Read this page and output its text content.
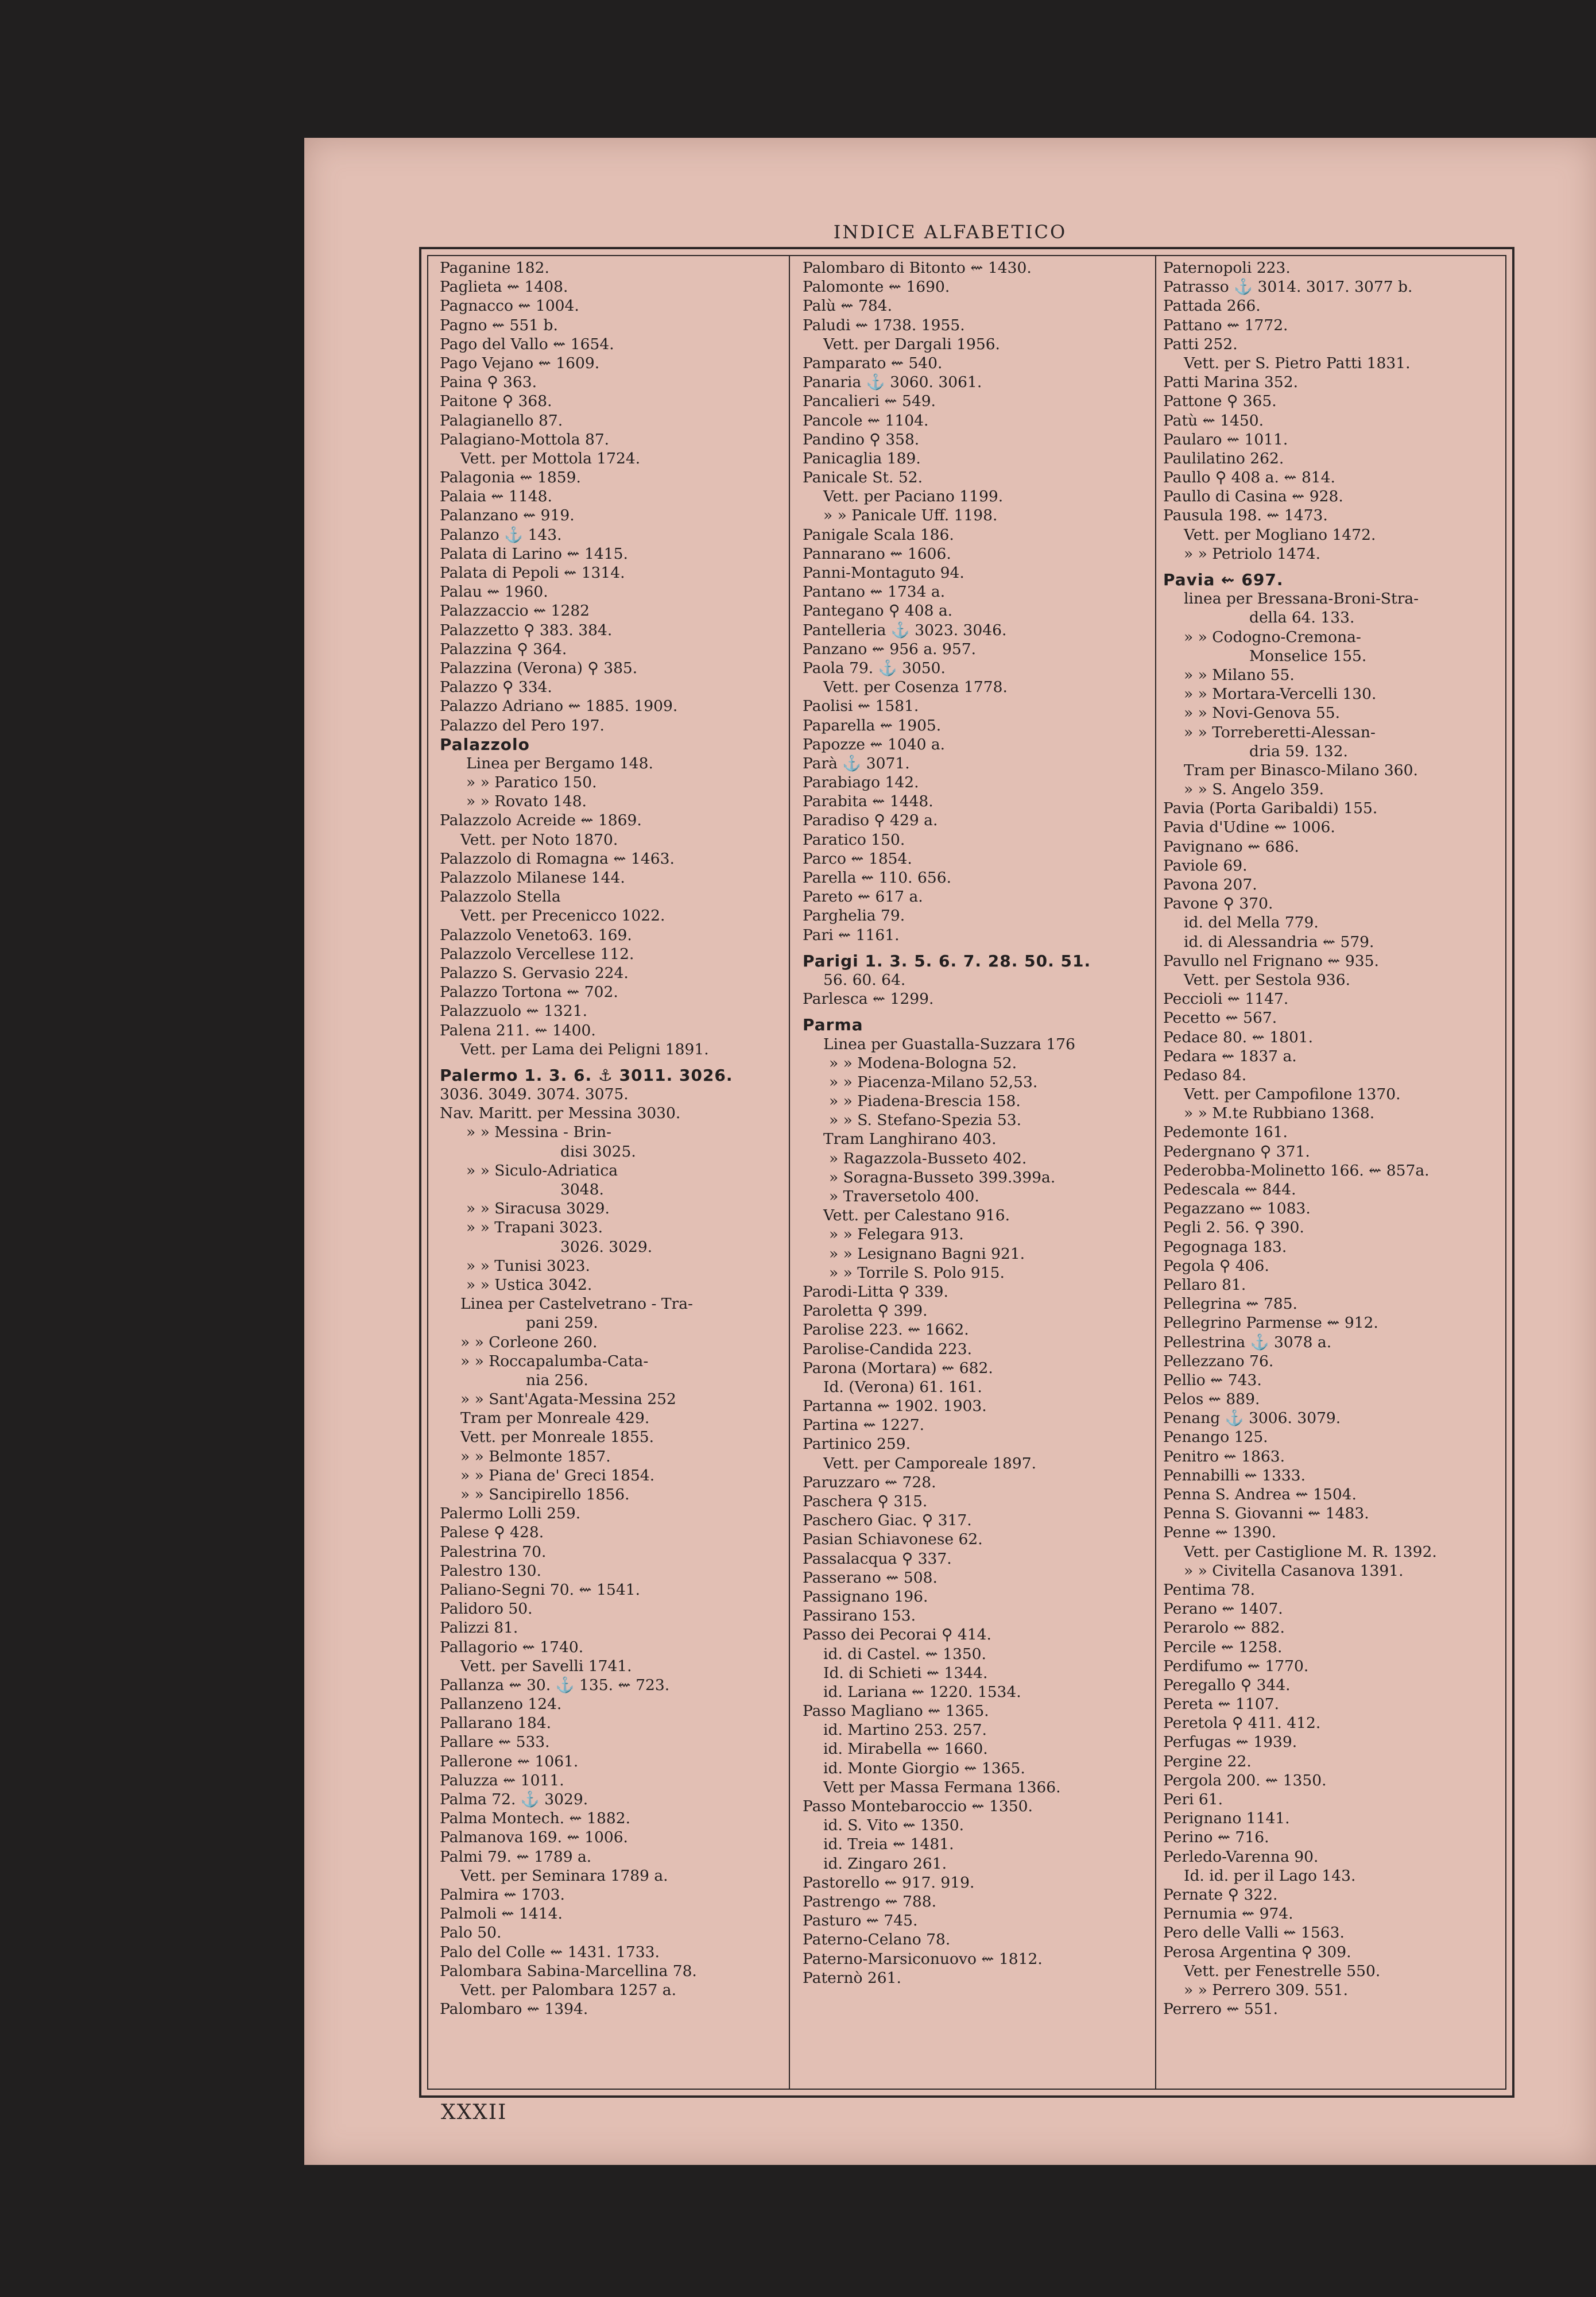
INDICE ALFABETICO
Paganine 182.
Paglieta ⇜ 1408.
Pagnacco ⇜ 1004.
Pagno ⇜ 551 b.
Pago del Vallo ⇜ 1654.
Pago Vejano ⇜ 1609.
Paina ⚲ 363.
Paitone ⚲ 368.
Palagianello 87.
Palagiano-Mottola 87.
Vett. per Mottola 1724.
Palagonia ⇜ 1859.
Palaia ⇜ 1148.
Palanzano ⇜ 919.
Palanzo ⚓ 143.
Palata di Larino ⇜ 1415.
Palata di Pepoli ⇜ 1314.
Palau ⇜ 1960.
Palazzaccio ⇜ 1282
Palazzetto ⚲ 383. 384.
Palazzina ⚲ 364.
Palazzina (Verona) ⚲ 385.
Palazzo ⚲ 334.
Palazzo Adriano ⇜ 1885. 1909.
Palazzo del Pero 197.
Palazzolo
Linea per Bergamo 148.
» » Paratico 150.
» » Rovato 148.
Palazzolo Acreide ⇜ 1869.
Vett. per Noto 1870.
Palazzolo di Romagna ⇜ 1463.
Palazzolo Milanese 144.
Palazzolo Stella
Vett. per Precenicco 1022.
Palazzolo Veneto63. 169.
Palazzolo Vercellese 112.
Palazzo S. Gervasio 224.
Palazzo Tortona ⇜ 702.
Palazzuolo ⇜ 1321.
Palena 211. ⇜ 1400.
Vett. per Lama dei Peligni 1891.
Palermo 1. 3. 6. ⚓ 3011. 3026.
3036. 3049. 3074. 3075.
Nav. Maritt. per Messina 3030.
» » Messina - Brin-
disi 3025.
» » Siculo-Adriatica
3048.
» » Siracusa 3029.
» » Trapani 3023.
3026. 3029.
» » Tunisi 3023.
» » Ustica 3042.
Linea per Castelvetrano - Tra-
pani 259.
» » Corleone 260.
» » Roccapalumba-Cata-
nia 256.
» » Sant'Agata-Messina 252
Tram per Monreale 429.
Vett. per Monreale 1855.
» » Belmonte 1857.
» » Piana de' Greci 1854.
» » Sancipirello 1856.
Palermo Lolli 259.
Palese ⚲ 428.
Palestrina 70.
Palestro 130.
Paliano-Segni 70. ⇜ 1541.
Palidoro 50.
Palizzi 81.
Pallagorio ⇜ 1740.
Vett. per Savelli 1741.
Pallanza ⇜ 30. ⚓ 135. ⇜ 723.
Pallanzeno 124.
Pallarano 184.
Pallare ⇜ 533.
Pallerone ⇜ 1061.
Paluzza ⇜ 1011.
Palma 72. ⚓ 3029.
Palma Montech. ⇜ 1882.
Palmanova 169. ⇜ 1006.
Palmi 79. ⇜ 1789 a.
Vett. per Seminara 1789 a.
Palmira ⇜ 1703.
Palmoli ⇜ 1414.
Palo 50.
Palo del Colle ⇜ 1431. 1733.
Palombara Sabina-Marcellina 78.
Vett. per Palombara 1257 a.
Palombaro ⇜ 1394.
Palombaro di Bitonto ⇜ 1430.
Palomonte ⇜ 1690.
Palù ⇜ 784.
Paludi ⇜ 1738. 1955.
Vett. per Dargali 1956.
Pamparato ⇜ 540.
Panaria ⚓ 3060. 3061.
Pancalieri ⇜ 549.
Pancole ⇜ 1104.
Pandino ⚲ 358.
Panicaglia 189.
Panicale St. 52.
Vett. per Paciano 1199.
» » Panicale Uff. 1198.
Panigale Scala 186.
Pannarano ⇜ 1606.
Panni-Montaguto 94.
Pantano ⇜ 1734 a.
Pantegano ⚲ 408 a.
Pantelleria ⚓ 3023. 3046.
Panzano ⇜ 956 a. 957.
Paola 79. ⚓ 3050.
Vett. per Cosenza 1778.
Paolisi ⇜ 1581.
Paparella ⇜ 1905.
Papozze ⇜ 1040 a.
Parà ⚓ 3071.
Parabiago 142.
Parabita ⇜ 1448.
Paradiso ⚲ 429 a.
Paratico 150.
Parco ⇜ 1854.
Parella ⇜ 110. 656.
Pareto ⇜ 617 a.
Parghelia 79.
Pari ⇜ 1161.
Parigi 1. 3. 5. 6. 7. 28. 50. 51.
56. 60. 64.
Parlesca ⇜ 1299.
Parma
Linea per Guastalla-Suzzara 176
» » Modena-Bologna 52.
» » Piacenza-Milano 52,53.
» » Piadena-Brescia 158.
» » S. Stefano-Spezia 53.
Tram Langhirano 403.
» Ragazzola-Busseto 402.
» Soragna-Busseto 399.399a.
» Traversetolo 400.
Vett. per Calestano 916.
» » Felegara 913.
» » Lesignano Bagni 921.
» » Torrile S. Polo 915.
Parodi-Litta ⚲ 339.
Paroletta ⚲ 399.
Parolise 223. ⇜ 1662.
Parolise-Candida 223.
Parona (Mortara) ⇜ 682.
Id. (Verona) 61. 161.
Partanna ⇜ 1902. 1903.
Partina ⇜ 1227.
Partinico 259.
Vett. per Camporeale 1897.
Paruzzaro ⇜ 728.
Paschera ⚲ 315.
Paschero Giac. ⚲ 317.
Pasian Schiavonese 62.
Passalacqua ⚲ 337.
Passerano ⇜ 508.
Passignano 196.
Passirano 153.
Passo dei Pecorai ⚲ 414.
id. di Castel. ⇜ 1350.
Id. di Schieti ⇜ 1344.
id. Lariana ⇜ 1220. 1534.
Passo Magliano ⇜ 1365.
id. Martino 253. 257.
id. Mirabella ⇜ 1660.
id. Monte Giorgio ⇜ 1365.
Vett per Massa Fermana 1366.
Passo Montebaroccio ⇜ 1350.
id. S. Vito ⇜ 1350.
id. Treia ⇜ 1481.
id. Zingaro 261.
Pastorello ⇜ 917. 919.
Pastrengo ⇜ 788.
Pasturo ⇜ 745.
Paterno-Celano 78.
Paterno-Marsiconuovo ⇜ 1812.
Paternò 261.
Paternopoli 223.
Patrasso ⚓ 3014. 3017. 3077 b.
Pattada 266.
Pattano ⇜ 1772.
Patti 252.
Vett. per S. Pietro Patti 1831.
Patti Marina 352.
Pattone ⚲ 365.
Patù ⇜ 1450.
Paularo ⇜ 1011.
Paulilatino 262.
Paullo ⚲ 408 a. ⇜ 814.
Paullo di Casina ⇜ 928.
Pausula 198. ⇜ 1473.
Vett. per Mogliano 1472.
» » Petriolo 1474.
Pavia ⇜ 697.
linea per Bressana-Broni-Stra-
della 64. 133.
» » Codogno-Cremona-
Monselice 155.
» » Milano 55.
» » Mortara-Vercelli 130.
» » Novi-Genova 55.
» » Torreberetti-Alessan-
dria 59. 132.
Tram per Binasco-Milano 360.
» » S. Angelo 359.
Pavia (Porta Garibaldi) 155.
Pavia d'Udine ⇜ 1006.
Pavignano ⇜ 686.
Paviole 69.
Pavona 207.
Pavone ⚲ 370.
id. del Mella 779.
id. di Alessandria ⇜ 579.
Pavullo nel Frignano ⇜ 935.
Vett. per Sestola 936.
Peccioli ⇜ 1147.
Pecetto ⇜ 567.
Pedace 80. ⇜ 1801.
Pedara ⇜ 1837 a.
Pedaso 84.
Vett. per Campofilone 1370.
» » M.te Rubbiano 1368.
Pedemonte 161.
Pedergnano ⚲ 371.
Pederobba-Molinetto 166. ⇜ 857a.
Pedescala ⇜ 844.
Pegazzano ⇜ 1083.
Pegli 2. 56. ⚲ 390.
Pegognaga 183.
Pegola ⚲ 406.
Pellaro 81.
Pellegrina ⇜ 785.
Pellegrino Parmense ⇜ 912.
Pellestrina ⚓ 3078 a.
Pellezzano 76.
Pellio ⇜ 743.
Pelos ⇜ 889.
Penang ⚓ 3006. 3079.
Penango 125.
Penitro ⇜ 1863.
Pennabilli ⇜ 1333.
Penna S. Andrea ⇜ 1504.
Penna S. Giovanni ⇜ 1483.
Penne ⇜ 1390.
Vett. per Castiglione M. R. 1392.
» » Civitella Casanova 1391.
Pentima 78.
Perano ⇜ 1407.
Perarolo ⇜ 882.
Percile ⇜ 1258.
Perdifumo ⇜ 1770.
Peregallo ⚲ 344.
Pereta ⇜ 1107.
Peretola ⚲ 411. 412.
Perfugas ⇜ 1939.
Pergine 22.
Pergola 200. ⇜ 1350.
Peri 61.
Perignano 1141.
Perino ⇜ 716.
Perledo-Varenna 90.
Id. id. per il Lago 143.
Pernate ⚲ 322.
Pernumia ⇜ 974.
Pero delle Valli ⇜ 1563.
Perosa Argentina ⚲ 309.
Vett. per Fenestrelle 550.
» » Perrero 309. 551.
Perrero ⇜ 551.
XXXII
